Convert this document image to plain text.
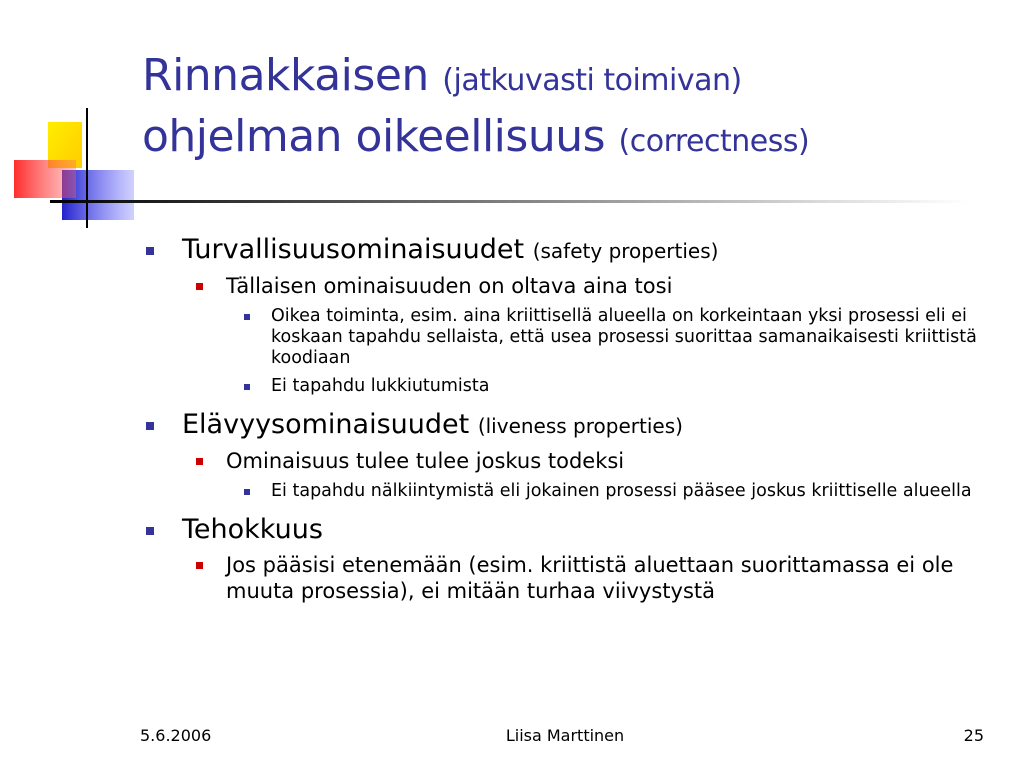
Rinnakkaisen (jatkuvasti toimivan)
ohjelman oikeellisuus (correctness)
Turvallisuusominaisuudet (safety properties)
Tällaisen ominaisuuden on oltava aina tosi
Oikea toiminta, esim. aina kriittisellä alueella on korkeintaan yksi prosessi eli ei koskaan tapahdu sellaista, että usea prosessi suorittaa samanaikaisesti kriittistä koodiaan
Ei tapahdu lukkiutumista
Elävyysominaisuudet (liveness properties)
Ominaisuus tulee tulee joskus todeksi
Ei tapahdu nälkiintymistä eli jokainen prosessi pääsee joskus kriittiselle alueella
Tehokkuus
Jos pääsisi etenemään (esim. kriittistä aluettaan suorittamassa ei ole muuta prosessia), ei mitään turhaa viivystystä
5.6.2006	Liisa Marttinen	25
